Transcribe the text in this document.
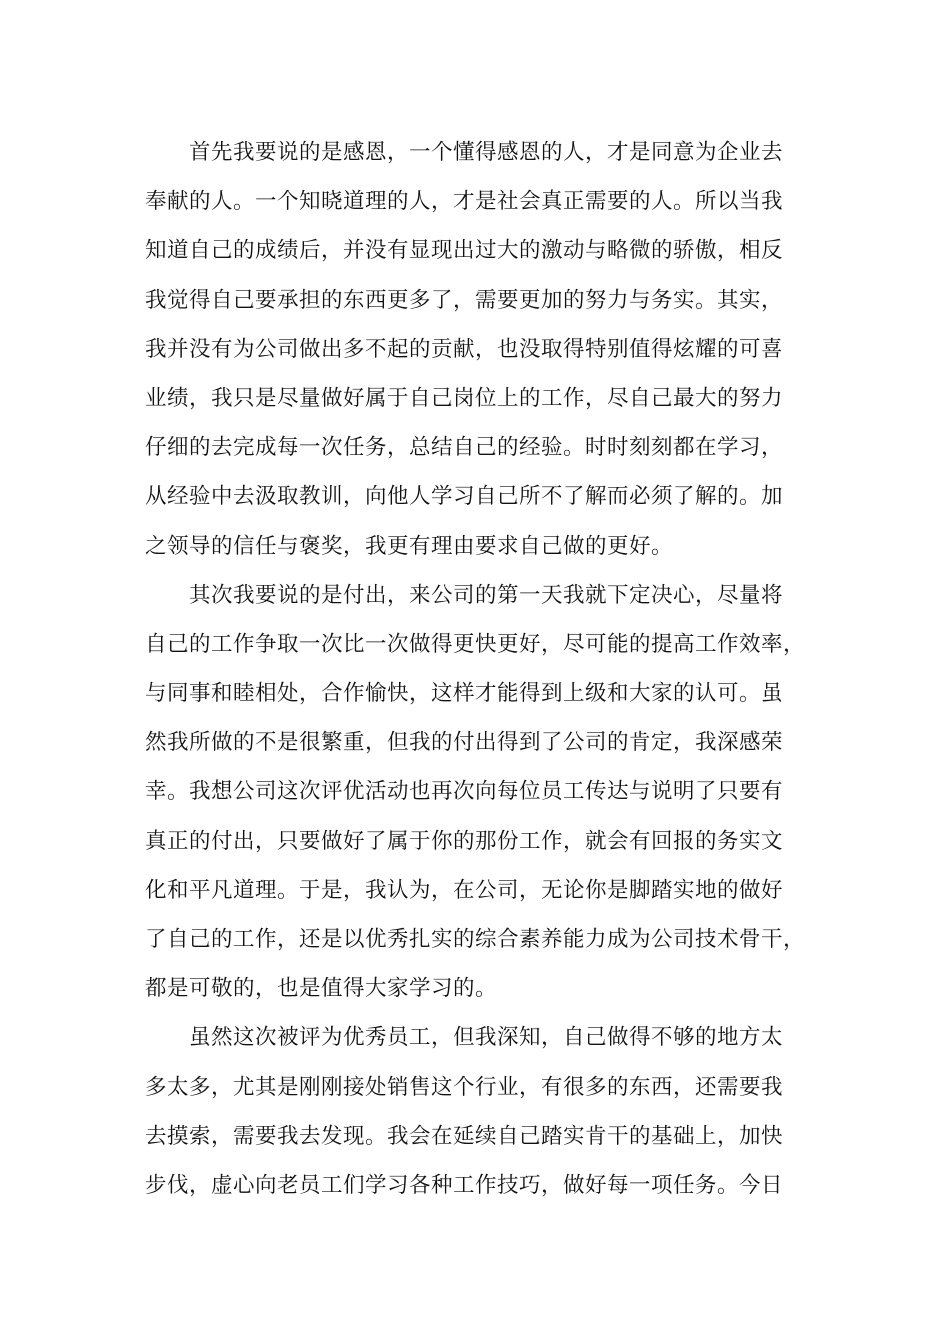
首先我要说的是感恩，一个懂得感恩的人，才是同意为企业去
奉献的人。一个知晓道理的人，才是社会真正需要的人。所以当我
知道自己的成绩后，并没有显现出过大的激动与略微的骄傲，相反
我觉得自己要承担的东西更多了，需要更加的努力与务实。其实，
我并没有为公司做出多不起的贡献，也没取得特别值得炫耀的可喜
业绩，我只是尽量做好属于自己岗位上的工作，尽自己最大的努力
仔细的去完成每一次任务，总结自己的经验。时时刻刻都在学习，
从经验中去汲取教训，向他人学习自己所不了解而必须了解的。加
之领导的信任与褒奖，我更有理由要求自己做的更好。
其次我要说的是付出，来公司的第一天我就下定决心，尽量将
自己的工作争取一次比一次做得更快更好，尽可能的提高工作效率，
与同事和睦相处，合作愉快，这样才能得到上级和大家的认可。虽
然我所做的不是很繁重，但我的付出得到了公司的肯定，我深感荣
幸。我想公司这次评优活动也再次向每位员工传达与说明了只要有
真正的付出，只要做好了属于你的那份工作，就会有回报的务实文
化和平凡道理。于是，我认为，在公司，无论你是脚踏实地的做好
了自己的工作，还是以优秀扎实的综合素养能力成为公司技术骨干，
都是可敬的，也是值得大家学习的。
虽然这次被评为优秀员工，但我深知，自己做得不够的地方太
多太多，尤其是刚刚接处销售这个行业，有很多的东西，还需要我
去摸索，需要我去发现。我会在延续自己踏实肯干的基础上，加快
步伐，虚心向老员工们学习各种工作技巧，做好每一项任务。今日
